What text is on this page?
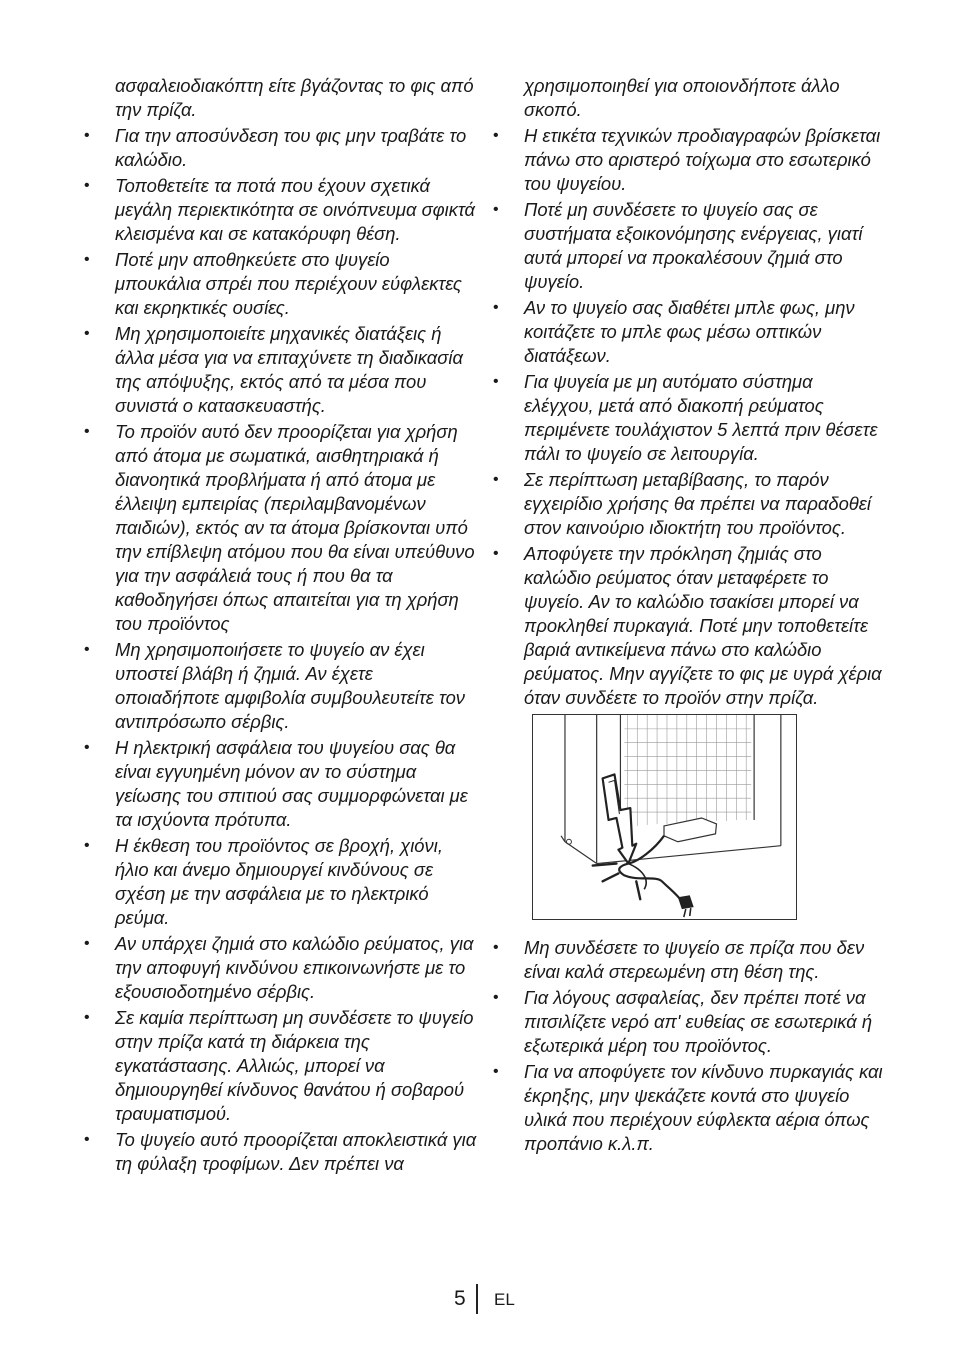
ασφαλειοδιακόπτη είτε βγάζοντας το φις από την πρίζα.
• Για την αποσύνδεση του φις μην τραβάτε το καλώδιο.
• Τοποθετείτε τα ποτά που έχουν σχετικά μεγάλη περιεκτικότητα σε οινόπνευμα σφικτά κλεισμένα και σε κατακόρυφη θέση.
• Ποτέ μην αποθηκεύετε στο ψυγείο μπουκάλια σπρέι που περιέχουν εύφλεκτες και εκρηκτικές ουσίες.
• Μη χρησιμοποιείτε μηχανικές διατάξεις ή άλλα μέσα για να επιταχύνετε τη διαδικασία της απόψυξης, εκτός από τα μέσα που συνιστά ο κατασκευαστής.
• Το προϊόν αυτό δεν προορίζεται για χρήση από άτομα με σωματικά, αισθητηριακά ή διανοητικά προβλήματα ή από άτομα με έλλειψη εμπειρίας (περιλαμβανομένων παιδιών), εκτός αν τα άτομα βρίσκονται υπό την επίβλεψη ατόμου που θα είναι υπεύθυνο για την ασφάλειά τους ή που θα τα καθοδηγήσει όπως απαιτείται για τη χρήση του προϊόντος
• Μη χρησιμοποιήσετε το ψυγείο αν έχει υποστεί βλάβη ή ζημιά. Αν έχετε οποιαδήποτε αμφιβολία συμβουλευτείτε τον αντιπρόσωπο σέρβις.
• Η ηλεκτρική ασφάλεια του ψυγείου σας θα είναι εγγυημένη μόνον αν το σύστημα γείωσης του σπιτιού σας συμμορφώνεται με τα ισχύοντα πρότυπα.
• Η έκθεση του προϊόντος σε βροχή, χιόνι, ήλιο και άνεμο δημιουργεί κινδύνους σε σχέση με την ασφάλεια με το ηλεκτρικό ρεύμα.
• Αν υπάρχει ζημιά στο καλώδιο ρεύματος, για την αποφυγή κινδύνου επικοινωνήστε με το εξουσιοδοτημένο σέρβις.
• Σε καμία περίπτωση μη συνδέσετε το ψυγείο στην πρίζα κατά τη διάρκεια της εγκατάστασης. Αλλιώς, μπορεί να δημιουργηθεί κίνδυνος θανάτου ή σοβαρού τραυματισμού.
• Το ψυγείο αυτό προορίζεται αποκλειστικά για τη φύλαξη τροφίμων. Δεν πρέπει να
χρησιμοποιηθεί για οποιονδήποτε άλλο σκοπό.
• Η ετικέτα τεχνικών προδιαγραφών βρίσκεται πάνω στο αριστερό τοίχωμα στο εσωτερικό του ψυγείου.
• Ποτέ μη συνδέσετε το ψυγείο σας σε συστήματα εξοικονόμησης ενέργειας, γιατί αυτά μπορεί να προκαλέσουν ζημιά στο ψυγείο.
• Αν το ψυγείο σας διαθέτει μπλε φως, μην κοιτάζετε το μπλε φως μέσω οπτικών διατάξεων.
• Για ψυγεία με μη αυτόματο σύστημα ελέγχου, μετά από διακοπή ρεύματος περιμένετε τουλάχιστον 5 λεπτά πριν θέσετε πάλι το ψυγείο σε λειτουργία.
• Σε περίπτωση μεταβίβασης, το παρόν εγχειρίδιο χρήσης θα πρέπει να παραδοθεί στον καινούριο ιδιοκτήτη του προϊόντος.
• Αποφύγετε την πρόκληση ζημιάς στο καλώδιο ρεύματος όταν μεταφέρετε το ψυγείο. Αν το καλώδιο τσακίσει μπορεί να προκληθεί πυρκαγιά. Ποτέ μην τοποθετείτε βαριά αντικείμενα πάνω στο καλώδιο ρεύματος. Μην αγγίζετε το φις με υγρά χέρια όταν συνδέετε το προϊόν στην πρίζα.
• Μη συνδέσετε το ψυγείο σε πρίζα που δεν είναι καλά στερεωμένη στη θέση της.
• Για λόγους ασφαλείας, δεν πρέπει ποτέ να πιτσιλίζετε νερό απ' ευθείας σε εσωτερικά ή εξωτερικά μέρη του προϊόντος.
• Για να αποφύγετε τον κίνδυνο πυρκαγιάς και έκρηξης, μην ψεκάζετε κοντά στο ψυγείο υλικά που περιέχουν εύφλεκτα αέρια όπως προπάνιο κ.λ.π.
5 EL
